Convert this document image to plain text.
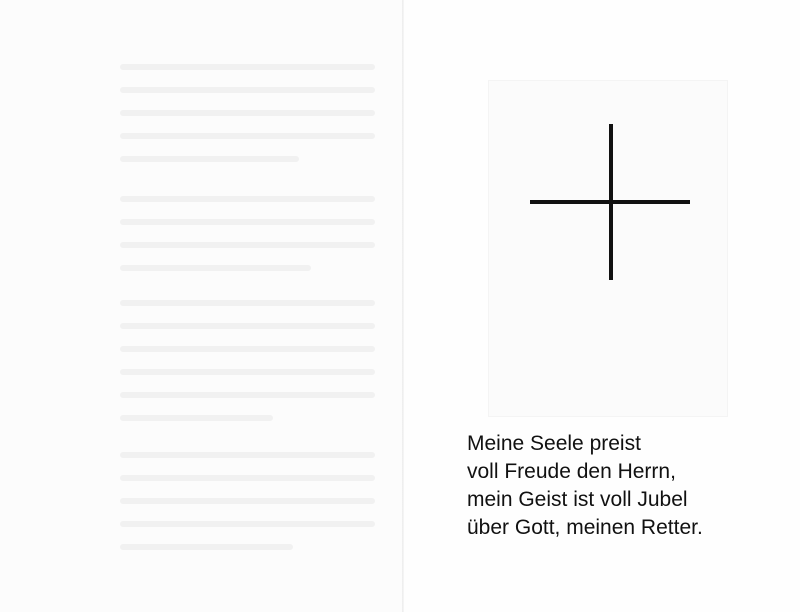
Meine Seele preist
voll Freude den Herrn,
mein Geist ist voll Jubel
über Gott, meinen Retter.
